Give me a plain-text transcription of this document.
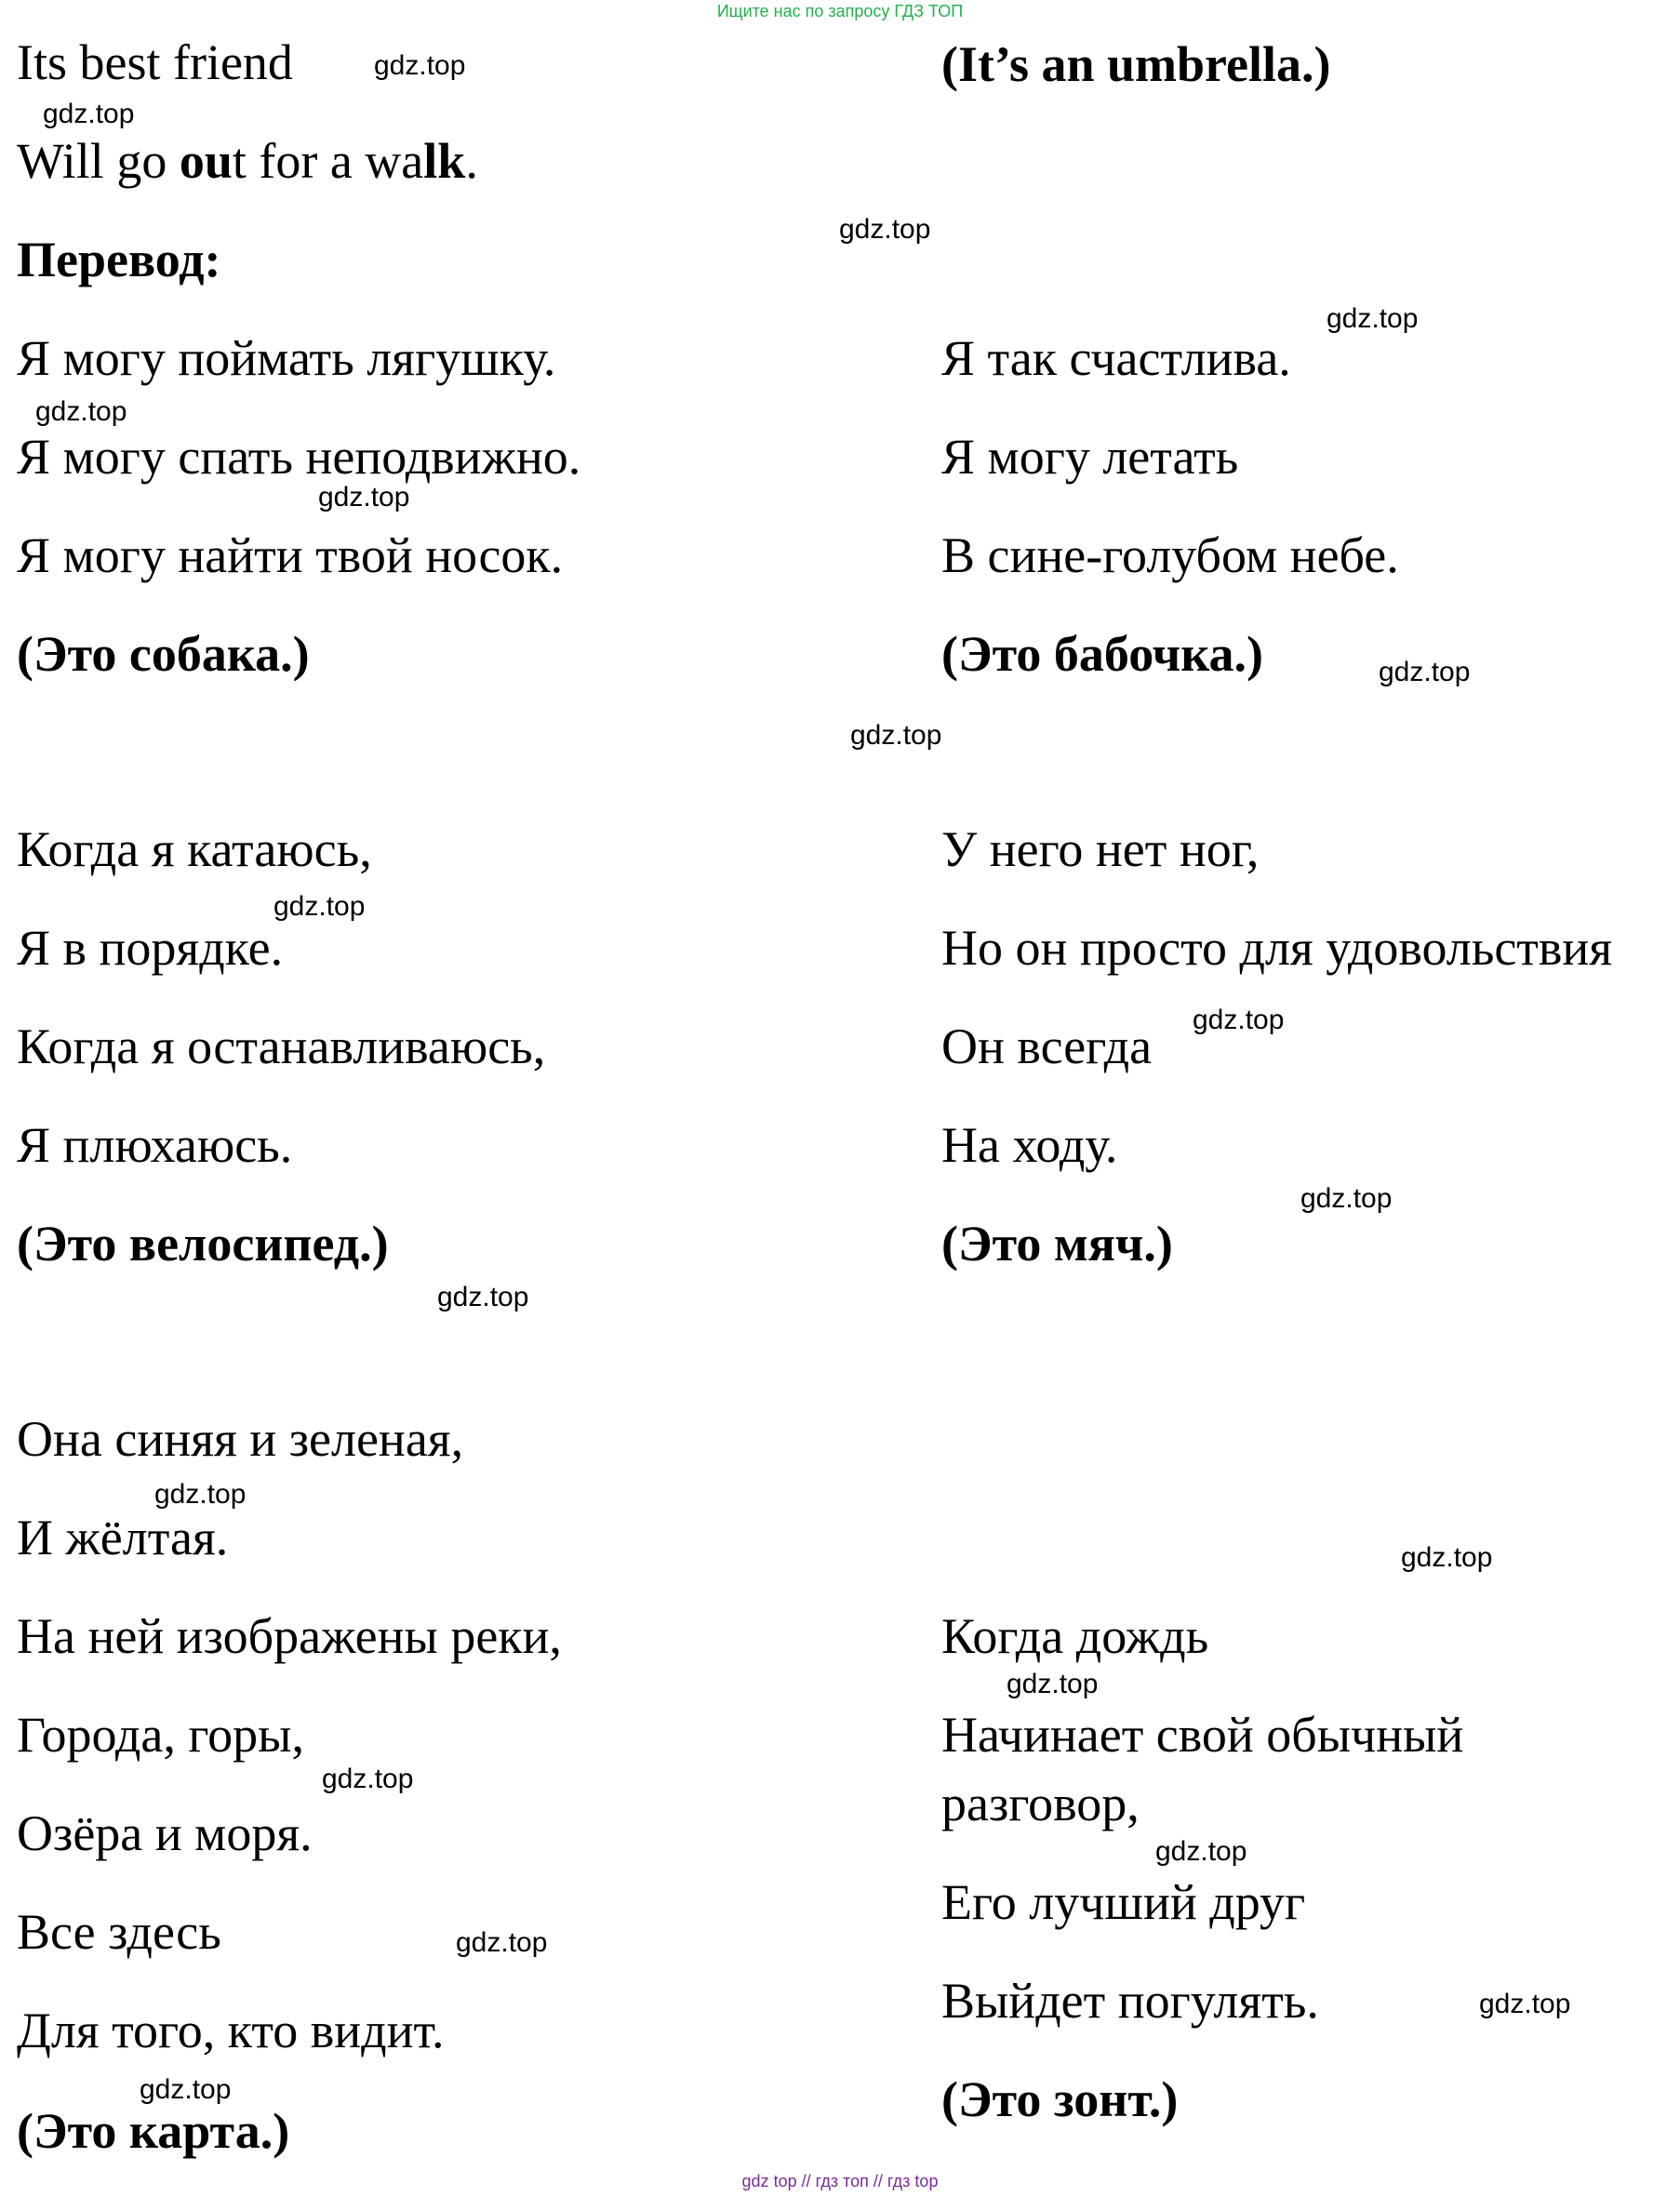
Ищите нас по запросу ГДЗ ТОП
Its best friend
Will go out for a walk.
(It’s an umbrella.)
Перевод:
Я могу поймать лягушку.
Я могу спать неподвижно.
Я могу найти твой носок.
(Это собака.)
Я так счастлива.
Я могу летать
В сине-голубом небе.
(Это бабочка.)
Когда я катаюсь,
Я в порядке.
Когда я останавливаюсь,
Я плюхаюсь.
(Это велосипед.)
У него нет ног,
Но он просто для удовольствия
Он всегда
На ходу.
(Это мяч.)
Она синяя и зеленая,
И жёлтая.
На ней изображены реки,
Города, горы,
Озёра и моря.
Все здесь
Для того, кто видит.
(Это карта.)
Когда дождь
Начинает свой обычный
разговор,
Его лучший друг
Выйдет погулять.
(Это зонт.)
gdz.top
gdz.top
gdz.top
gdz.top
gdz.top
gdz.top
gdz.top
gdz.top
gdz.top
gdz.top
gdz.top
gdz.top
gdz.top
gdz.top
gdz.top
gdz.top
gdz.top
gdz.top
gdz.top
gdz.top
gdz top // гдз топ // гдз top
